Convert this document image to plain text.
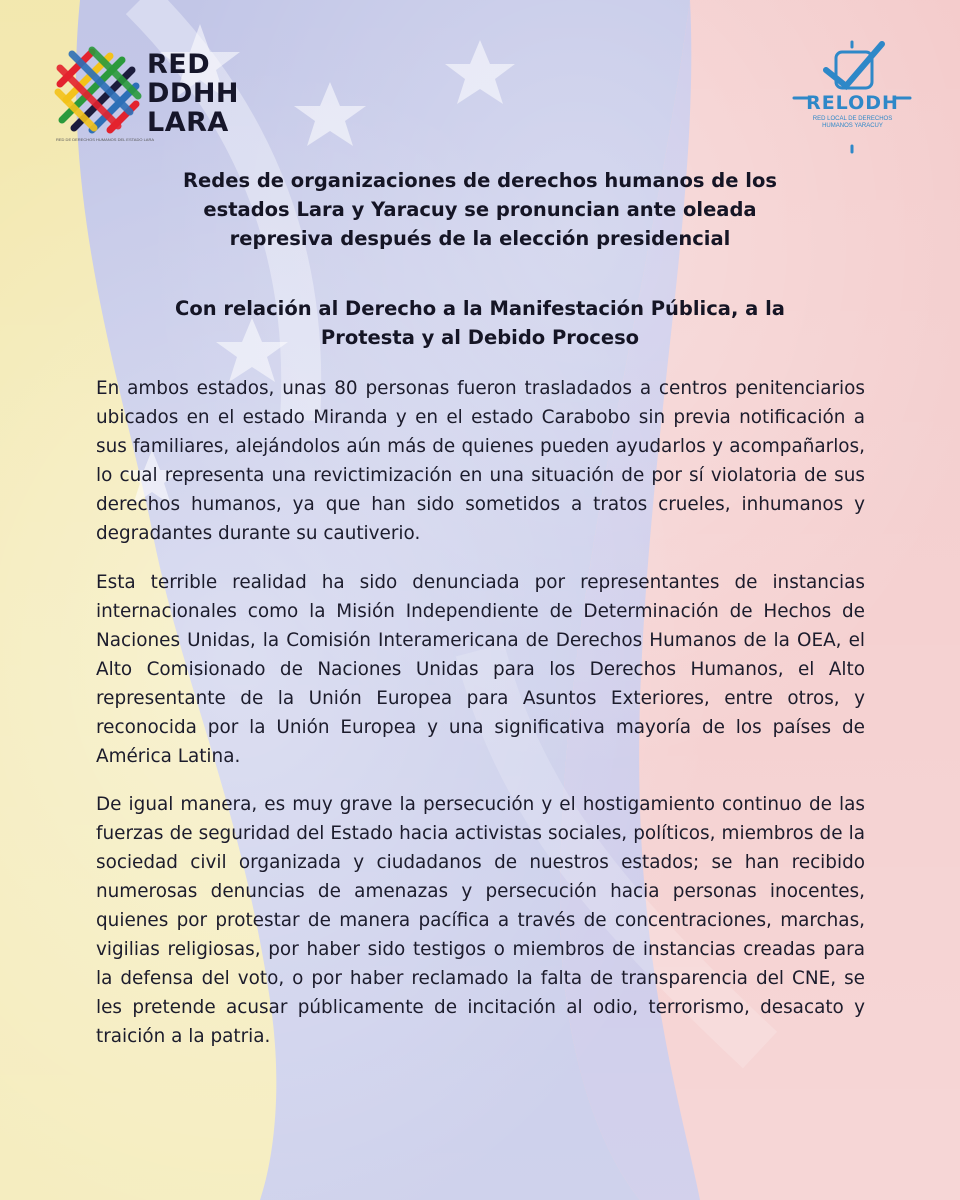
RED
DDHH
LARA
RED DE DERECHOS HUMANOS DEL ESTADO LARA
RELODH
RED LOCAL DE DERECHOS HUMANOS YARACUY
Redes de organizaciones de derechos humanos de los
estados Lara y Yaracuy se pronuncian ante oleada
represiva después de la elección presidencial
Con relación al Derecho a la Manifestación Pública, a la
Protesta y al Debido Proceso

En ambos estados, unas 80 personas fueron trasladados a centros penitenciarios ubicados en el estado Miranda y en el estado Carabobo sin previa notificación a sus familiares, alejándolos aún más de quienes pueden ayudarlos y acompañarlos, lo cual representa una revictimización en una situación de por sí violatoria de sus derechos humanos, ya que han sido sometidos a tratos crueles, inhumanos y degradantes durante su cautiverio.

Esta terrible realidad ha sido denunciada por representantes de instancias internacionales como la Misión Independiente de Determinación de Hechos de Naciones Unidas, la Comisión Interamericana de Derechos Humanos de la OEA, el Alto Comisionado de Naciones Unidas para los Derechos Humanos, el Alto representante de la Unión Europea para Asuntos Exteriores, entre otros, y reconocida por la Unión Europea y una significativa mayoría de los países de América Latina.

De igual manera, es muy grave la persecución y el hostigamiento continuo de las fuerzas de seguridad del Estado hacia activistas sociales, políticos, miembros de la sociedad civil organizada y ciudadanos de nuestros estados; se han recibido numerosas denuncias de amenazas y persecución hacia personas inocentes, quienes por protestar de manera pacífica a través de concentraciones, marchas, vigilias religiosas, por haber sido testigos o miembros de instancias creadas para la defensa del voto, o por haber reclamado la falta de transparencia del CNE, se les pretende acusar públicamente de incitación al odio, terrorismo, desacato y traición a la patria.
